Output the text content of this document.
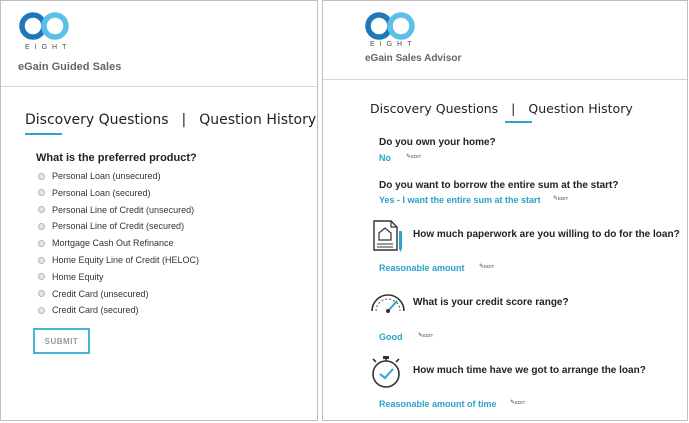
EIGHT
eGain Guided Sales
Discovery Questions | Question History
What is the preferred product?
Personal Loan (unsecured)
Personal Loan (secured)
Personal Line of Credit (unsecured)
Personal Line of Credit (secured)
Mortgage Cash Out Refinance
Home Equity Line of Credit (HELOC)
Home Equity
Credit Card (unsecured)
Credit Card (secured)
SUBMIT
EIGHT
eGain Sales Advisor
Discovery Questions | Question History
Do you own your home?
No	✎EDIT
Do you want to borrow the entire sum at the start?
Yes - I want the entire sum at the start ✎EDIT
How much paperwork are you willing to do for the loan?
Reasonable amount ✎EDIT
What is your credit score range?
Good	✎EDIT
How much time have we got to arrange the loan?
Reasonable amount of time ✎EDIT
